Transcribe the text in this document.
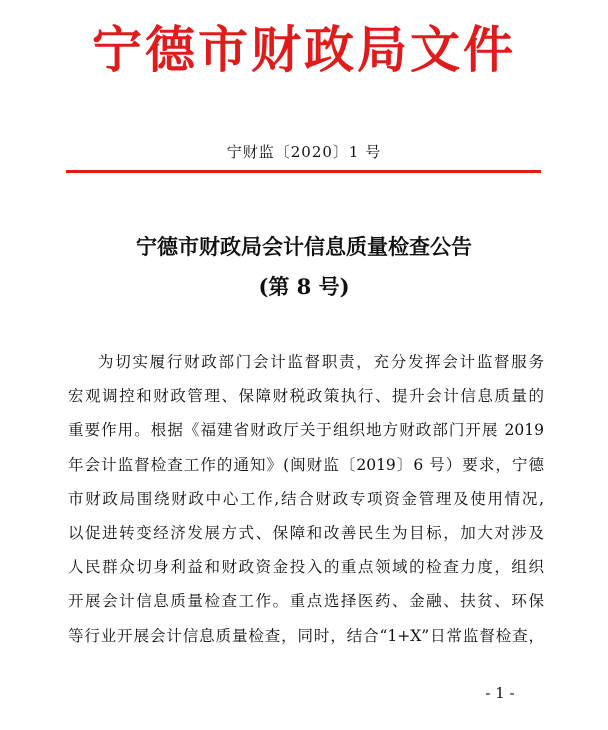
宁德市财政局文件
宁财监〔2020〕1 号
宁德市财政局会计信息质量检查公告
(第 8 号)
为切实履行财政部门会计监督职责，充分发挥会计监督服务
宏观调控和财政管理、保障财税政策执行、提升会计信息质量的
重要作用。根据《福建省财政厅关于组织地方财政部门开展 2019
年会计监督检查工作的通知》(闽财监〔2019〕6 号）要求，宁德
市财政局围绕财政中心工作,结合财政专项资金管理及使用情况,
以促进转变经济发展方式、保障和改善民生为目标，加大对涉及
人民群众切身利益和财政资金投入的重点领域的检查力度，组织
开展会计信息质量检查工作。重点选择医药、金融、扶贫、环保
等行业开展会计信息质量检查，同时，结合“1+X”日常监督检查，
- 1 -
